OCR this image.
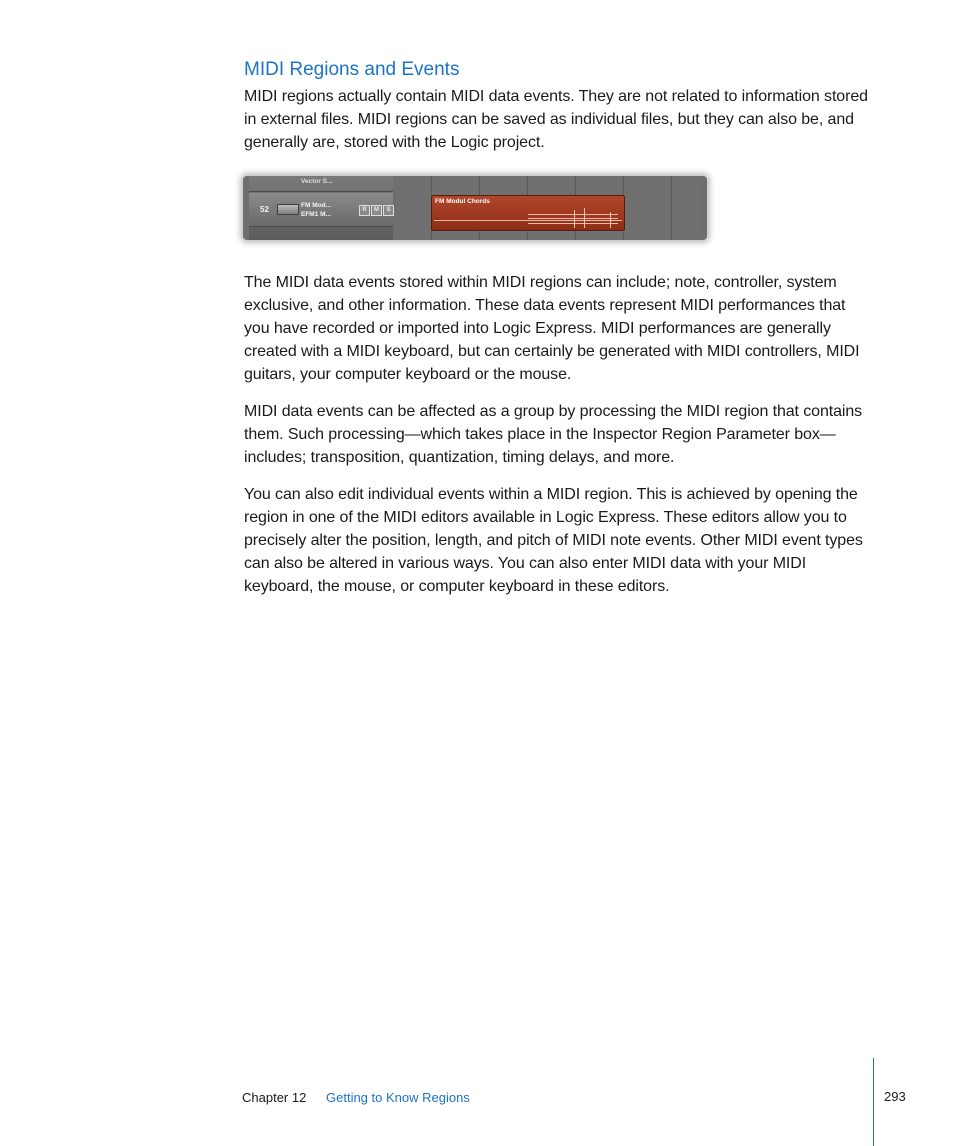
MIDI Regions and Events

MIDI regions actually contain MIDI data events. They are not related to information stored in external files. MIDI regions can be saved as individual files, but they can also be, and generally are, stored with the Logic project.

The MIDI data events stored within MIDI regions can include; note, controller, system exclusive, and other information. These data events represent MIDI performances that you have recorded or imported into Logic Express. MIDI performances are generally created with a MIDI keyboard, but can certainly be generated with MIDI controllers, MIDI guitars, your computer keyboard or the mouse.

MIDI data events can be affected as a group by processing the MIDI region that contains them. Such processing—which takes place in the Inspector Region Parameter box—includes; transposition, quantization, timing delays, and more.

You can also edit individual events within a MIDI region. This is achieved by opening the region in one of the MIDI editors available in Logic Express. These editors allow you to precisely alter the position, length, and pitch of MIDI note events. Other MIDI event types can also be altered in various ways. You can also enter MIDI data with your MIDI keyboard, the mouse, or computer keyboard in these editors.

Vector S...
52	FM Mod...
EFM1 M...
R	M	S
FM Modul Chords
Chapter 12 Getting to Know Regions	293
